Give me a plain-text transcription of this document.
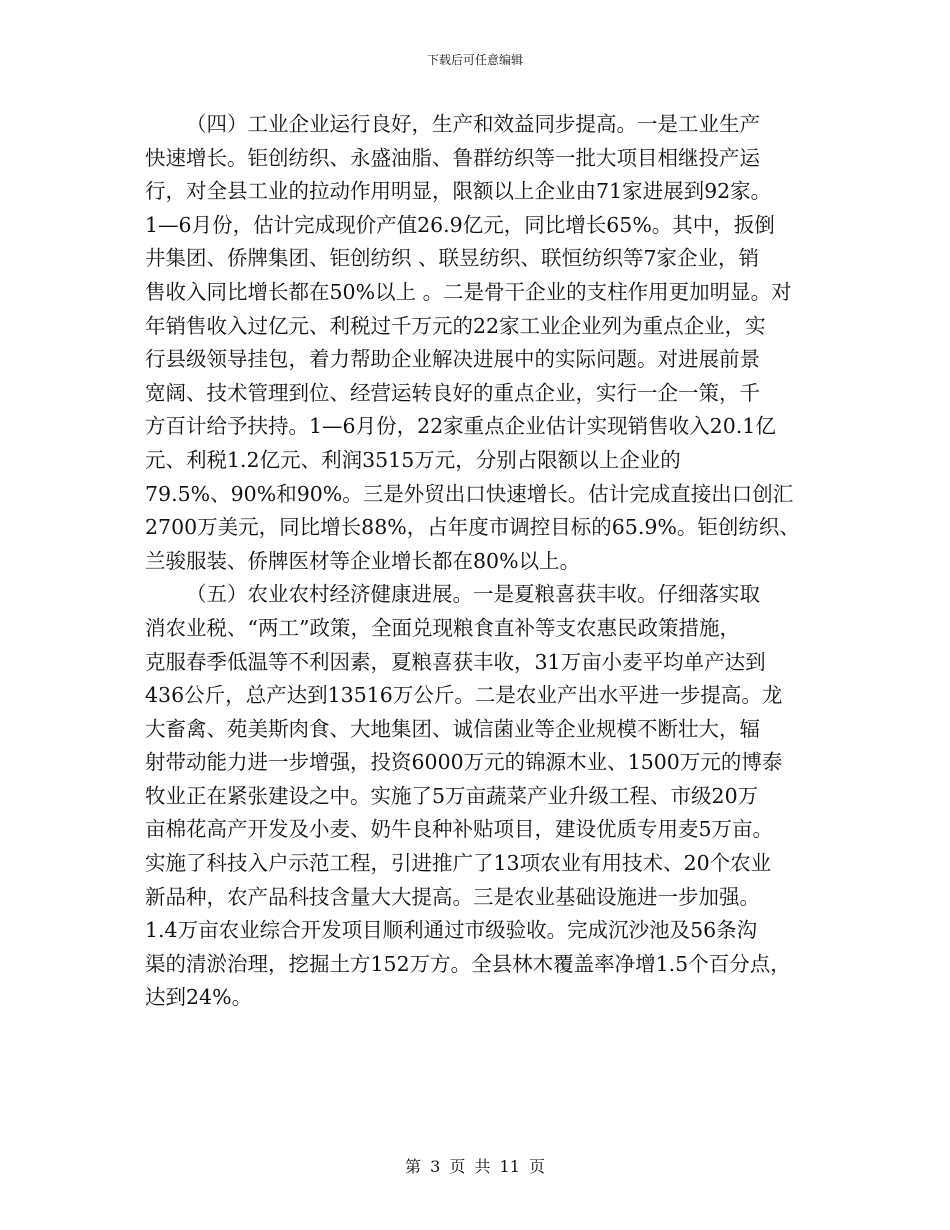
下载后可任意编辑
（四）工业企业运行良好，生产和效益同步提高。一是工业生产
快速增长。钜创纺织、永盛油脂、鲁群纺织等一批大项目相继投产运
行，对全县工业的拉动作用明显，限额以上企业由71家进展到92家。
1—6月份，估计完成现价产值26.9亿元，同比增长65%。其中，扳倒
井集团、侨牌集团、钜创纺织 、联昱纺织、联恒纺织等7家企业，销
售收入同比增长都在50%以上 。二是骨干企业的支柱作用更加明显。对
年销售收入过亿元、利税过千万元的22家工业企业列为重点企业，实
行县级领导挂包，着力帮助企业解决进展中的实际问题。对进展前景
宽阔、技术管理到位、经营运转良好的重点企业，实行一企一策，千
方百计给予扶持。1—6月份，22家重点企业估计实现销售收入20.1亿
元、利税1.2亿元、利润3515万元，分别占限额以上企业的
79.5%、90%和90%。三是外贸出口快速增长。估计完成直接出口创汇
2700万美元，同比增长88%，占年度市调控目标的65.9%。钜创纺织、
兰骏服装、侨牌医材等企业增长都在80%以上。
（五）农业农村经济健康进展。一是夏粮喜获丰收。仔细落实取
消农业税、“两工”政策，全面兑现粮食直补等支农惠民政策措施，
克服春季低温等不利因素，夏粮喜获丰收，31万亩小麦平均单产达到
436公斤，总产达到13516万公斤。二是农业产出水平进一步提高。龙
大畜禽、苑美斯肉食、大地集团、诚信菌业等企业规模不断壮大，辐
射带动能力进一步增强，投资6000万元的锦源木业、1500万元的博泰
牧业正在紧张建设之中。实施了5万亩蔬菜产业升级工程、市级20万
亩棉花高产开发及小麦、奶牛良种补贴项目，建设优质专用麦5万亩。
实施了科技入户示范工程，引进推广了13项农业有用技术、20个农业
新品种，农产品科技含量大大提高。三是农业基础设施进一步加强。
1.4万亩农业综合开发项目顺利通过市级验收。完成沉沙池及56条沟
渠的清淤治理，挖掘土方152万方。全县林木覆盖率净增1.5个百分点，
达到24%。
第 3 页 共 11 页
